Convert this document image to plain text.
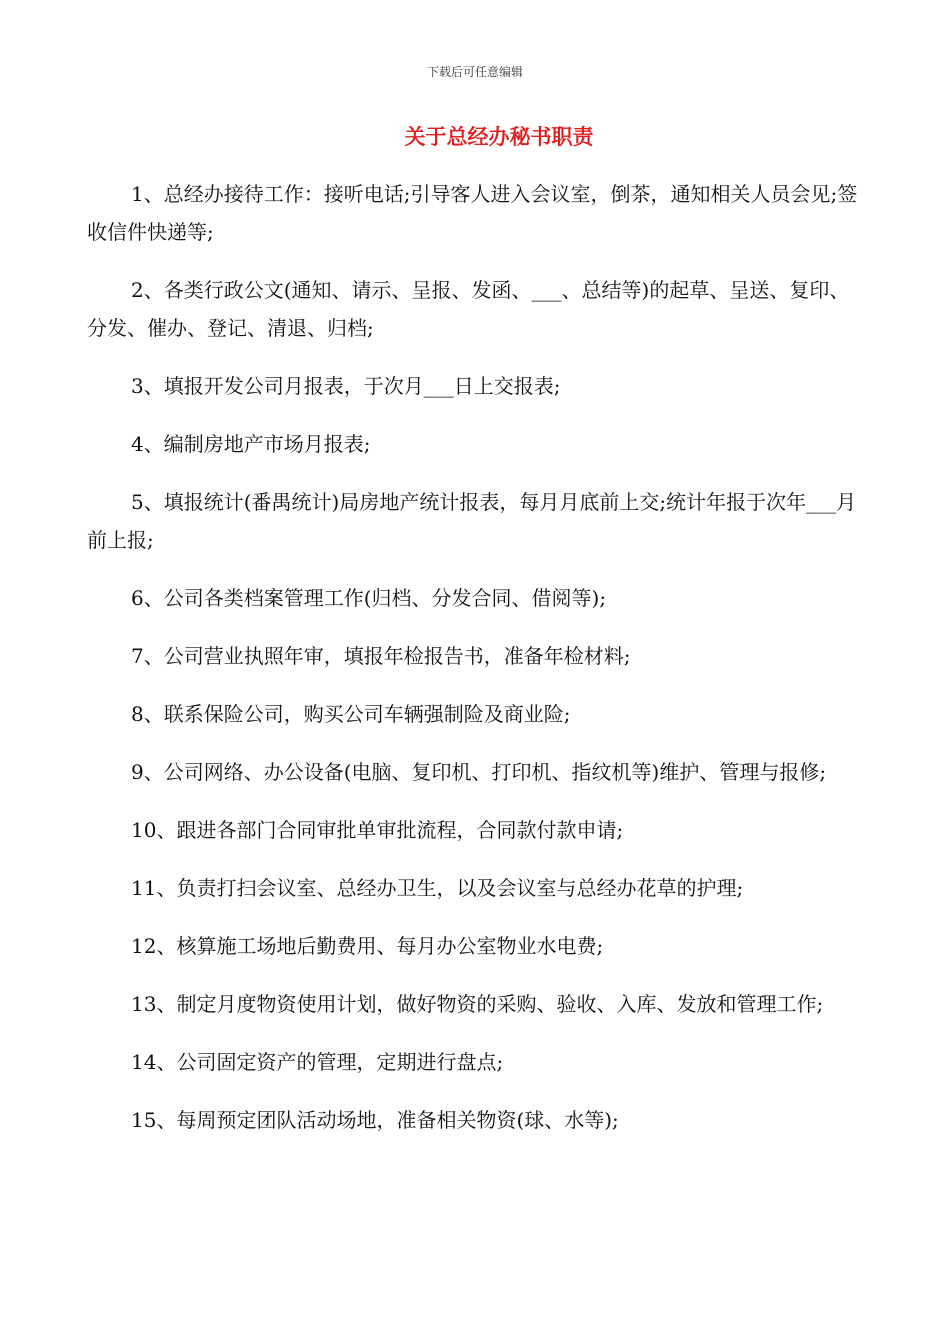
下载后可任意编辑
关于总经办秘书职责

1、总经办接待工作：接听电话;引导客人进入会议室，倒茶，通知相关人员会见;签收信件快递等;

2、各类行政公文(通知、请示、呈报、发函、___、总结等)的起草、呈送、复印、分发、催办、登记、清退、归档;

3、填报开发公司月报表，于次月___日上交报表;

4、编制房地产市场月报表;

5、填报统计(番禺统计)局房地产统计报表，每月月底前上交;统计年报于次年___月前上报;

6、公司各类档案管理工作(归档、分发合同、借阅等);

7、公司营业执照年审，填报年检报告书，准备年检材料;

8、联系保险公司，购买公司车辆强制险及商业险;

9、公司网络、办公设备(电脑、复印机、打印机、指纹机等)维护、管理与报修;

10、跟进各部门合同审批单审批流程，合同款付款申请;

11、负责打扫会议室、总经办卫生，以及会议室与总经办花草的护理;

12、核算施工场地后勤费用、每月办公室物业水电费;

13、制定月度物资使用计划，做好物资的采购、验收、入库、发放和管理工作;

14、公司固定资产的管理，定期进行盘点;

15、每周预定团队活动场地，准备相关物资(球、水等);
